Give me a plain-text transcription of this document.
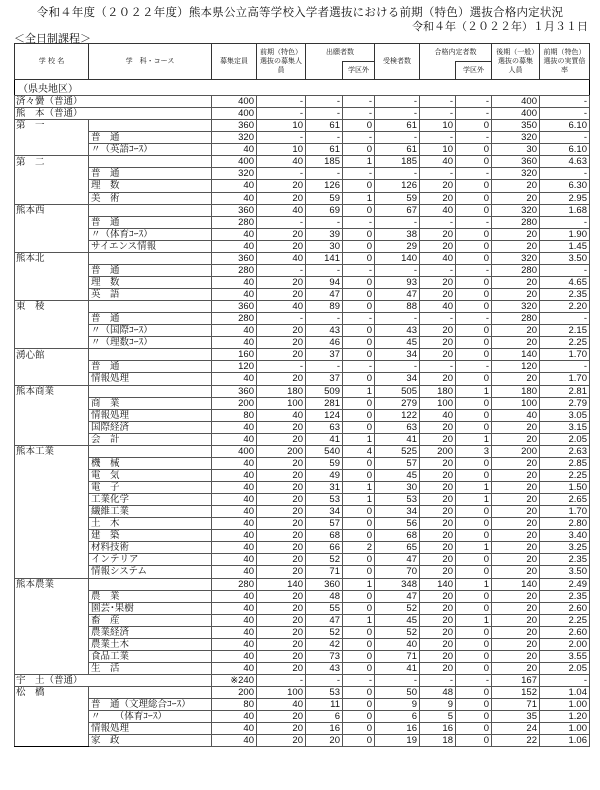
令和４年度（２０２２年度）熊本県公立高等学校入学者選抜における前期（特色）選抜合格内定状況
令和４年（２０２２年）１月３１日
＜全日制課程＞
学 校 名	学　科・コース	募集定員	前期（特色）選抜の募集人員	出願者数		受検者数	合格内定者数		後期（一般）選抜の募集人員	前期（特色）選抜の実質倍率
					学区外			学区外		
（県央地区）										
済々黌（普通）		400	-	-	-	-	-	-	400	-
熊　本（普通）		400	-	-	-	-	-	-	400	-
第　一		360	10	61	0	61	10	0	350	6.10
	普　通	320	-	-	-	-	-	-	320	-
	〃（英語ｺｰｽ）	40	10	61	0	61	10	0	30	6.10
第　二		400	40	185	1	185	40	0	360	4.63
	普　通	320	-	-	-	-	-	-	320	-
	理　数	40	20	126	0	126	20	0	20	6.30
	美　術	40	20	59	1	59	20	0	20	2.95
熊本西		360	40	69	0	67	40	0	320	1.68
	普　通	280	-	-	-	-	-	-	280	-
	〃（体育ｺｰｽ）	40	20	39	0	38	20	0	20	1.90
	サイエンス情報	40	20	30	0	29	20	0	20	1.45
熊本北		360	40	141	0	140	40	0	320	3.50
	普　通	280	-	-	-	-	-	-	280	-
	理　数	40	20	94	0	93	20	0	20	4.65
	英　語	40	20	47	0	47	20	0	20	2.35
東　稜		360	40	89	0	88	40	0	320	2.20
	普　通	280	-	-	-	-	-	-	280	-
	〃（国際ｺｰｽ）	40	20	43	0	43	20	0	20	2.15
	〃（理数ｺｰｽ）	40	20	46	0	45	20	0	20	2.25
湧心館		160	20	37	0	34	20	0	140	1.70
	普　通	120	-	-	-	-	-	-	120	-
	情報処理	40	20	37	0	34	20	0	20	1.70
熊本商業		360	180	509	1	505	180	1	180	2.81
	商　業	200	100	281	0	279	100	0	100	2.79
	情報処理	80	40	124	0	122	40	0	40	3.05
	国際経済	40	20	63	0	63	20	0	20	3.15
	会　計	40	20	41	1	41	20	1	20	2.05
熊本工業		400	200	540	4	525	200	3	200	2.63
	機　械	40	20	59	0	57	20	0	20	2.85
	電　気	40	20	49	0	45	20	0	20	2.25
	電　子	40	20	31	1	30	20	1	20	1.50
	工業化学	40	20	53	1	53	20	1	20	2.65
	繊維工業	40	20	34	0	34	20	0	20	1.70
	土　木	40	20	57	0	56	20	0	20	2.80
	建　築	40	20	68	0	68	20	0	20	3.40
	材料技術	40	20	66	2	65	20	1	20	3.25
	インテリア	40	20	52	0	47	20	0	20	2.35
	情報システム	40	20	71	0	70	20	0	20	3.50
熊本農業		280	140	360	1	348	140	1	140	2.49
	農　業	40	20	48	0	47	20	0	20	2.35
	園芸･果樹	40	20	55	0	52	20	0	20	2.60
	畜　産	40	20	47	1	45	20	1	20	2.25
	農業経済	40	20	52	0	52	20	0	20	2.60
	農業土木	40	20	42	0	40	20	0	20	2.00
	食品工業	40	20	73	0	71	20	0	20	3.55
	生　活	40	20	43	0	41	20	0	20	2.05
宇　土（普通）		※240	-	-	-	-	-	-	167	-
松　橋		200	100	53	0	50	48	0	152	1.04
	普　通（文理総合ｺｰｽ）	80	40	11	0	9	9	0	71	1.00
	〃　　（体育ｺｰｽ）	40	20	6	0	6	5	0	35	1.20
	情報処理	40	20	16	0	16	16	0	24	1.00
	家　政	40	20	20	0	19	18	0	22	1.06
